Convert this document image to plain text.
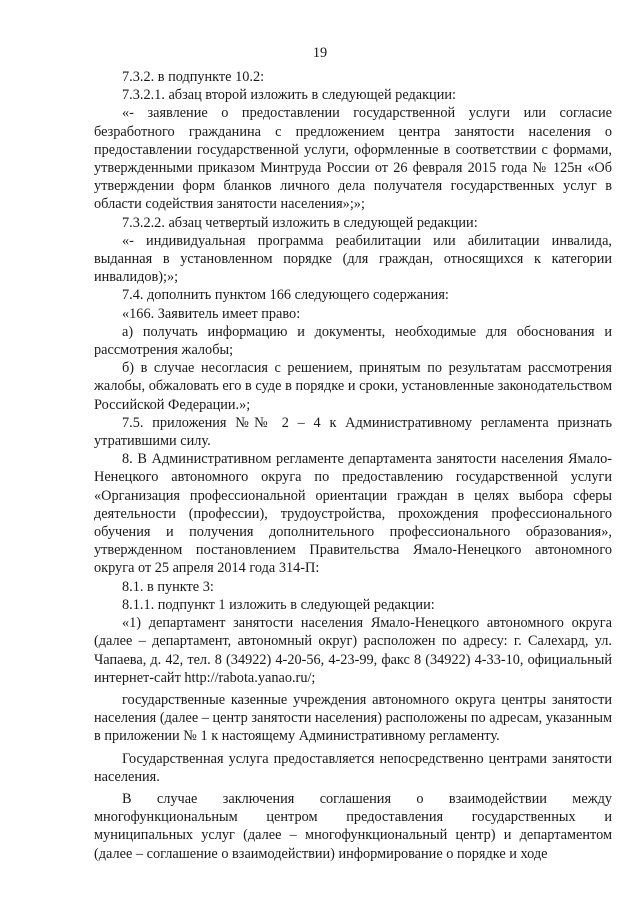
19

7.3.2. в подпункте 10.2:

7.3.2.1. абзац второй изложить в следующей редакции:

«- заявление о предоставлении государственной услуги или согласие безработного гражданина с предложением центра занятости населения о предоставлении государственной услуги, оформленные в соответствии с формами, утвержденными приказом Минтруда России от 26 февраля 2015 года № 125н «Об утверждении форм бланков личного дела получателя государственных услуг в области содействия занятости населения»;»;

7.3.2.2. абзац четвертый изложить в следующей редакции:

«- индивидуальная программа реабилитации или абилитации инвалида, выданная в установленном порядке (для граждан, относящихся к категории инвалидов);»;

7.4. дополнить пунктом 166 следующего содержания:

«166. Заявитель имеет право:

а) получать информацию и документы, необходимые для обоснования и рассмотрения жалобы;

б) в случае несогласия с решением, принятым по результатам рассмотрения жалобы, обжаловать его в суде в порядке и сроки, установленные законодательством Российской Федерации.»;

7.5. приложения №№ 2 – 4 к Административному регламента признать утратившими силу.

8. В Административном регламенте департамента занятости населения Ямало-Ненецкого автономного округа по предоставлению государственной услуги «Организация профессиональной ориентации граждан в целях выбора сферы деятельности (профессии), трудоустройства, прохождения профессионального обучения и получения дополнительного профессионального образования», утвержденном постановлением Правительства Ямало-Ненецкого автономного округа от 25 апреля 2014 года 314-П:

8.1. в пункте 3:

8.1.1. подпункт 1 изложить в следующей редакции:

«1) департамент занятости населения Ямало-Ненецкого автономного округа (далее – департамент, автономный округ) расположен по адресу: г. Салехард, ул. Чапаева, д. 42, тел. 8 (34922) 4-20-56, 4-23-99, факс 8 (34922) 4-33-10, официальный интернет-сайт http://rabota.yanao.ru/;

государственные казенные учреждения автономного округа центры занятости населения (далее – центр занятости населения) расположены по адресам, указанным в приложении № 1 к настоящему Административному регламенту.

Государственная услуга предоставляется непосредственно центрами занятости населения.

В случае заключения соглашения о взаимодействии между многофункциональным центром предоставления государственных и муниципальных услуг (далее – многофункциональный центр) и департаментом (далее – соглашение о взаимодействии) информирование о порядке и ходе
